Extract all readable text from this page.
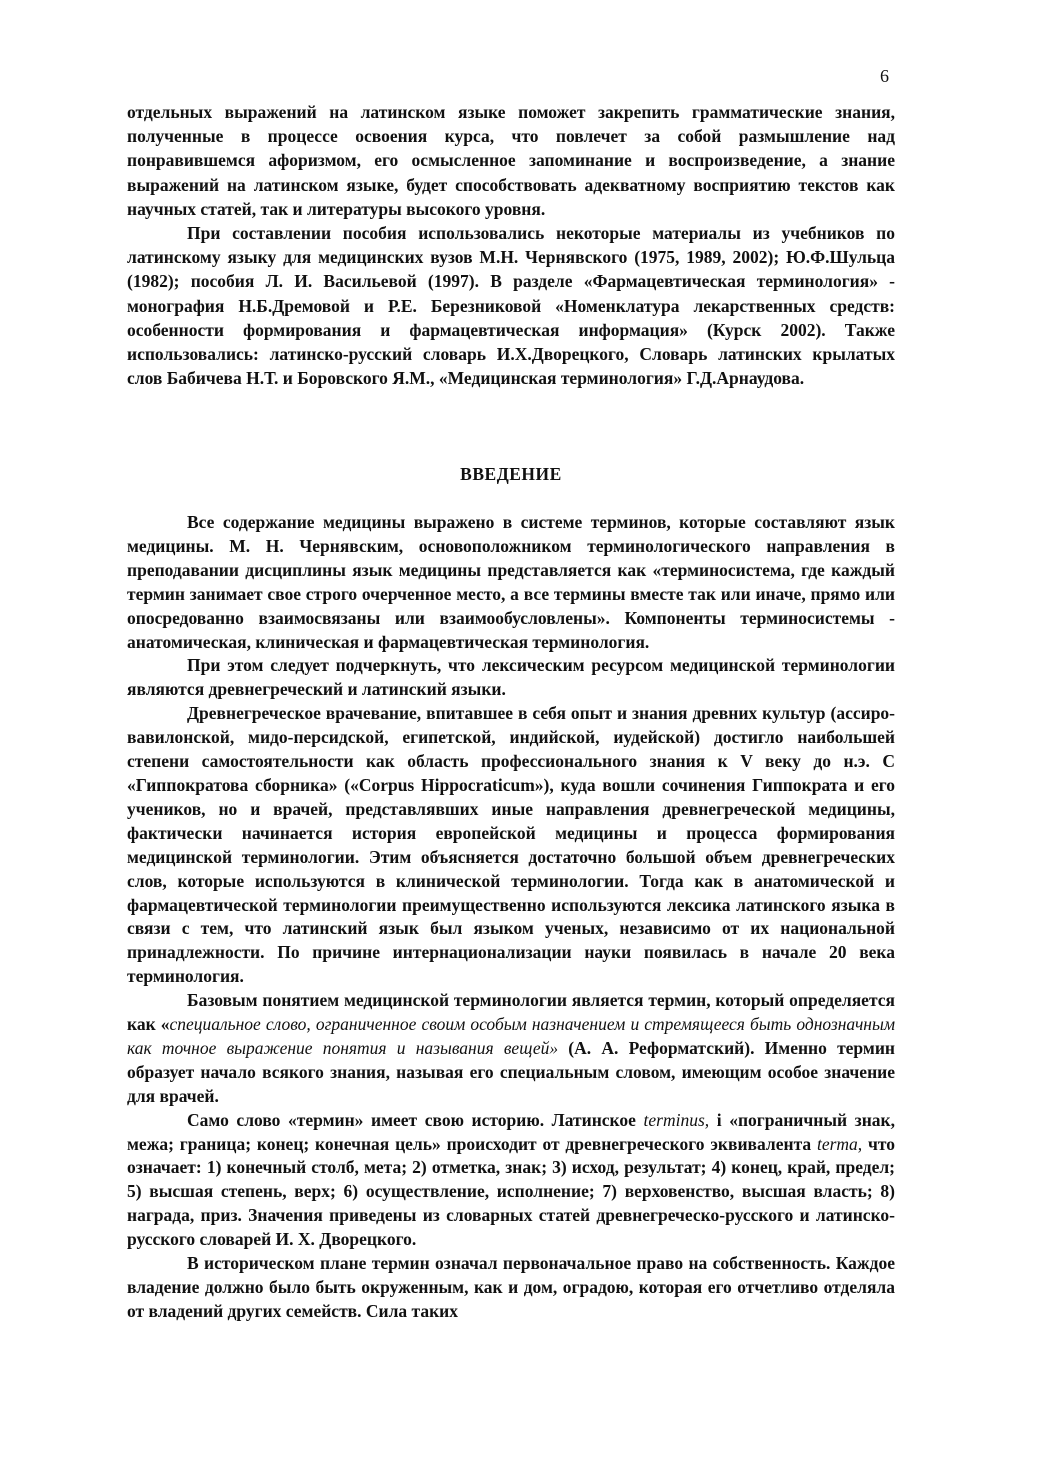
6

отдельных выражений на латинском языке поможет закрепить грамматические знания, полученные в процессе освоения курса, что повлечет за собой размышление над понравившемся афоризмом, его осмысленное запоминание и воспроизведение, а знание выражений на латинском языке, будет способствовать адекватному восприятию текстов как научных статей, так и литературы высокого уровня.

При составлении пособия использовались некоторые материалы из учебников по латинскому языку для медицинских вузов М.Н. Чернявского (1975, 1989, 2002); Ю.Ф.Шульца (1982); пособия Л. И. Васильевой (1997). В разделе «Фармацевтическая терминология» - монография Н.Б.Дремовой и Р.Е. Березниковой «Номенклатура лекарственных средств: особенности формирования и фармацевтическая информация» (Курск 2002). Также использовались: латинско-русский словарь И.Х.Дворецкого, Словарь латинских крылатых слов Бабичева Н.Т. и Боровского Я.М., «Медицинская терминология» Г.Д.Арнаудова.

ВВЕДЕНИЕ

Все содержание медицины выражено в системе терминов, которые составляют язык медицины. М. Н. Чернявским, основоположником терминологического направления в преподавании дисциплины язык медицины представляется как «терминосистема, где каждый термин занимает свое строго очерченное место, а все термины вместе так или иначе, прямо или опосредованно взаимосвязаны или взаимообусловлены». Компоненты терминосистемы - анатомическая, клиническая и фармацевтическая терминология.

При этом следует подчеркнуть, что лексическим ресурсом медицинской терминологии являются древнегреческий и латинский языки.

Древнегреческое врачевание, впитавшее в себя опыт и знания древних культур (ассиро-вавилонской, мидо-персидской, египетской, индийской, иудейской) достигло наибольшей степени самостоятельности как область профессионального знания к V веку до н.э. С «Гиппократова сборника» («Corpus Hippocraticum»), куда вошли сочинения Гиппократа и его учеников, но и врачей, представлявших иные направления древнегреческой медицины, фактически начинается история европейской медицины и процесса формирования медицинской терминологии. Этим объясняется достаточно большой объем древнегреческих слов, которые используются в клинической терминологии. Тогда как в анатомической и фармацевтической терминологии преимущественно используются лексика латинского языка в связи с тем, что латинский язык был языком ученых, независимо от их национальной принадлежности. По причине интернационализации науки появилась в начале 20 века терминология.

Базовым понятием медицинской терминологии является термин, который определяется как «специальное слово, ограниченное своим особым назначением и стремящееся быть однозначным как точное выражение понятия и называния вещей» (А. А. Реформатский). Именно термин образует начало всякого знания, называя его специальным словом, имеющим особое значение для врачей.

Само слово «термин» имеет свою историю. Латинское terminus, і «пограничный знак, межа; граница; конец; конечная цель» происходит от древнегреческого эквивалента terma, что означает: 1) конечный столб, мета; 2) отметка, знак; 3) исход, результат; 4) конец, край, предел; 5) высшая степень, верх; 6) осуществление, исполнение; 7) верховенство, высшая власть; 8) награда, приз. Значения приведены из словарных статей древнегреческо-русского и латинско-русского словарей И. Х. Дворецкого.

В историческом плане термин означал первоначальное право на собственность. Каждое владение должно было быть окруженным, как и дом, оградою, которая его отчетливо отделяла от владений других семейств. Сила таких
